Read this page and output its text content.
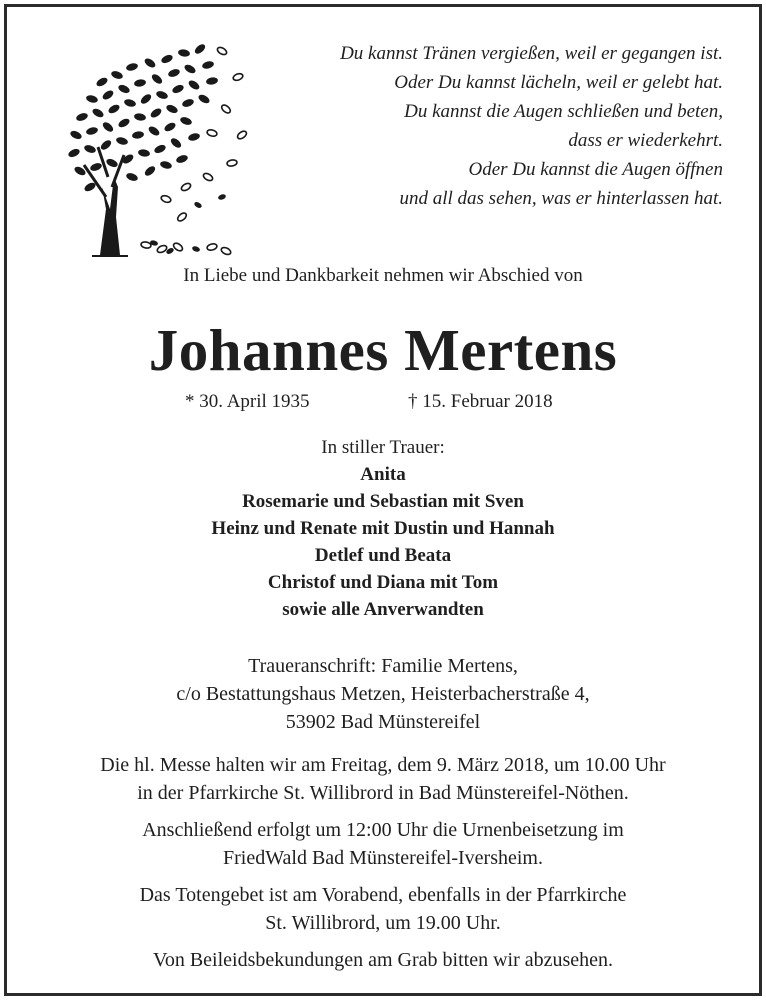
Du kannst Tränen vergießen, weil er gegangen ist.
Oder Du kannst lächeln, weil er gelebt hat.
Du kannst die Augen schließen und beten,
dass er wiederkehrt.
Oder Du kannst die Augen öffnen
und all das sehen, was er hinterlassen hat.
In Liebe und Dankbarkeit nehmen wir Abschied von
Johannes Mertens
* 30. April 1935	† 15. Februar 2018
In stiller Trauer:
Anita
Rosemarie und Sebastian mit Sven
Heinz und Renate mit Dustin und Hannah
Detlef und Beata
Christof und Diana mit Tom
sowie alle Anverwandten
Traueranschrift: Familie Mertens,
c/o Bestattungshaus Metzen, Heisterbacherstraße 4,
53902 Bad Münstereifel
Die hl. Messe halten wir am Freitag, dem 9. März 2018, um 10.00 Uhr
in der Pfarrkirche St. Willibrord in Bad Münstereifel-Nöthen.
Anschließend erfolgt um 12:00 Uhr die Urnenbeisetzung im
FriedWald Bad Münstereifel-Iversheim.
Das Totengebet ist am Vorabend, ebenfalls in der Pfarrkirche
St. Willibrord, um 19.00 Uhr.
Von Beileidsbekundungen am Grab bitten wir abzusehen.
